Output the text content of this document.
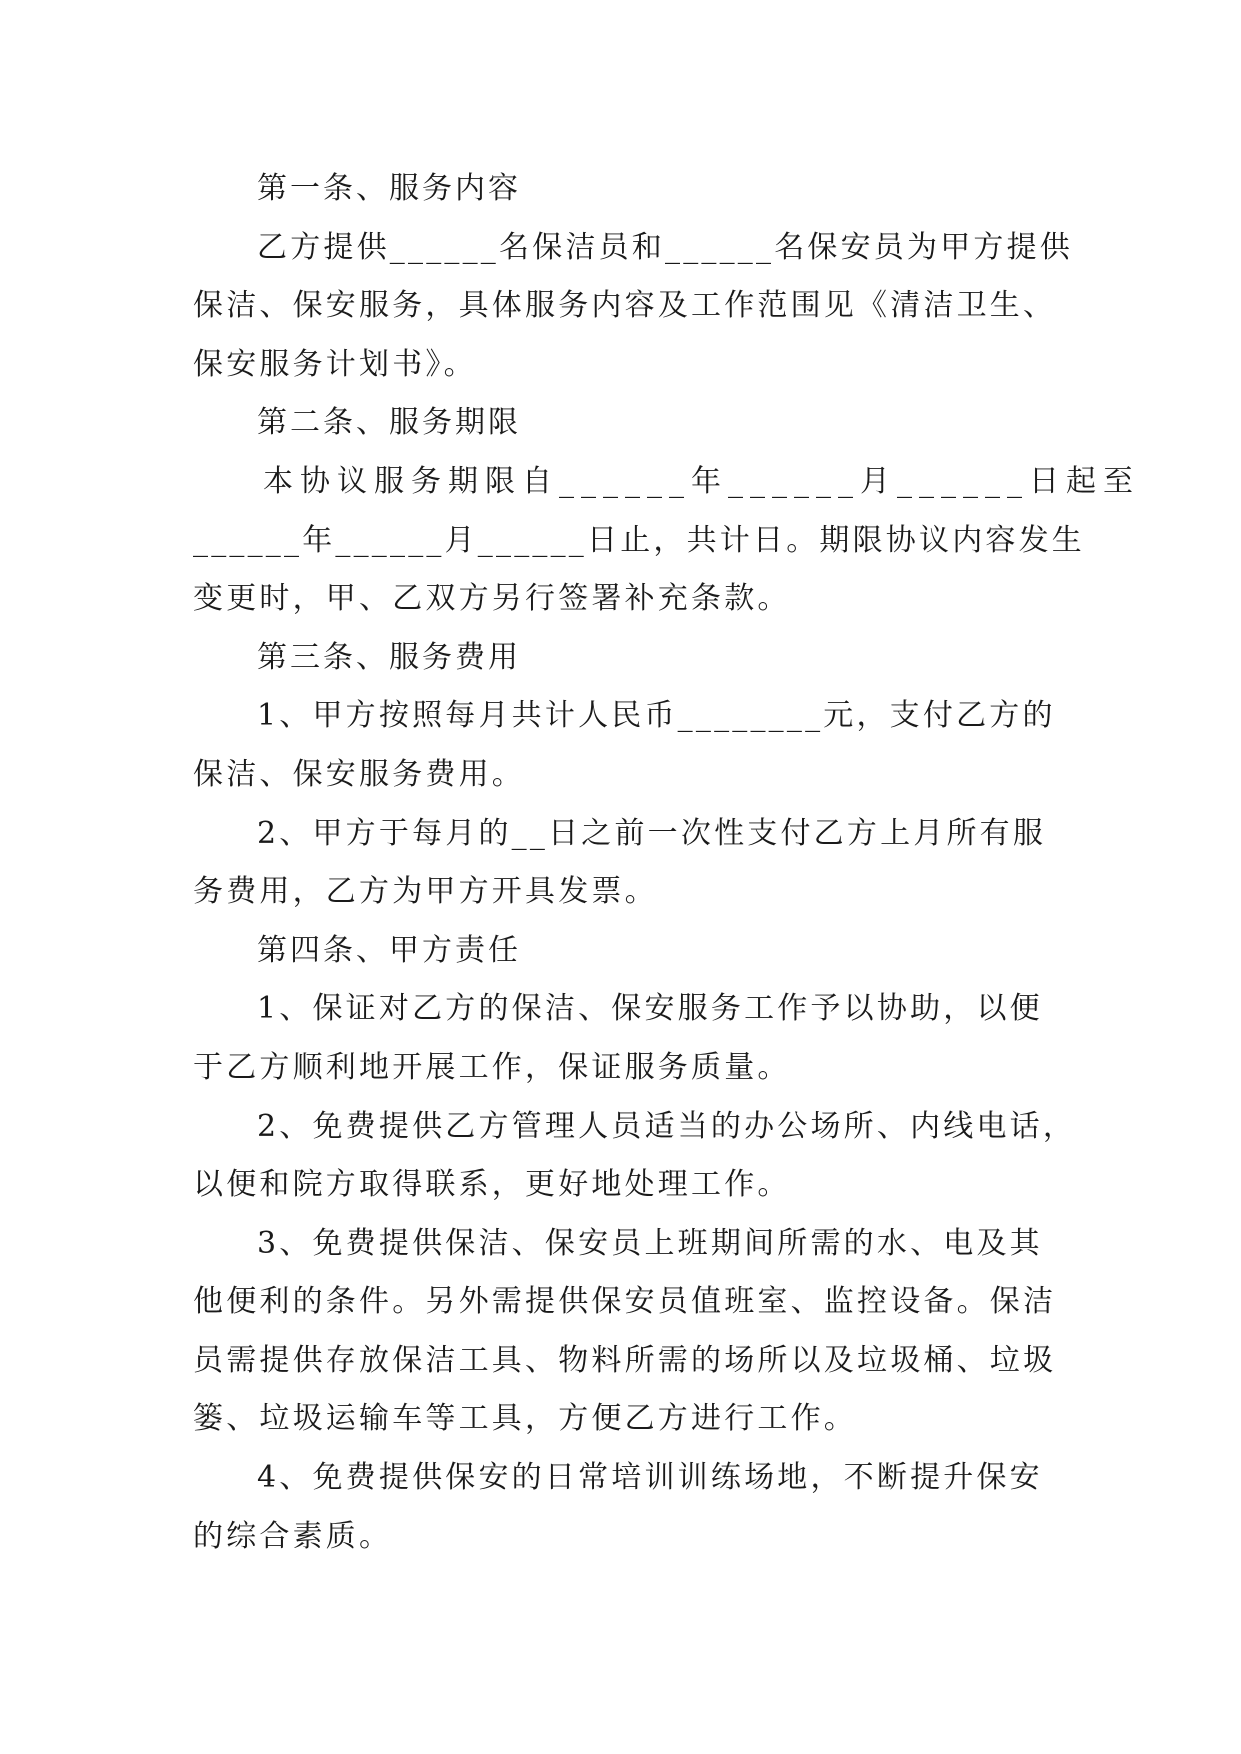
第一条、服务内容
乙方提供______名保洁员和______名保安员为甲方提供
保洁、保安服务，具体服务内容及工作范围见《清洁卫生、
保安服务计划书》。
第二条、服务期限
本协议服务期限自______年______月______日起至
______年______月______日止，共计日。期限协议内容发生
变更时，甲、乙双方另行签署补充条款。
第三条、服务费用
1、甲方按照每月共计人民币________元，支付乙方的
保洁、保安服务费用。
2、甲方于每月的__日之前一次性支付乙方上月所有服
务费用，乙方为甲方开具发票。
第四条、甲方责任
1、保证对乙方的保洁、保安服务工作予以协助，以便
于乙方顺利地开展工作，保证服务质量。
2、免费提供乙方管理人员适当的办公场所、内线电话，
以便和院方取得联系，更好地处理工作。
3、免费提供保洁、保安员上班期间所需的水、电及其
他便利的条件。另外需提供保安员值班室、监控设备。保洁
员需提供存放保洁工具、物料所需的场所以及垃圾桶、垃圾
篓、垃圾运输车等工具，方便乙方进行工作。
4、免费提供保安的日常培训训练场地，不断提升保安
的综合素质。
